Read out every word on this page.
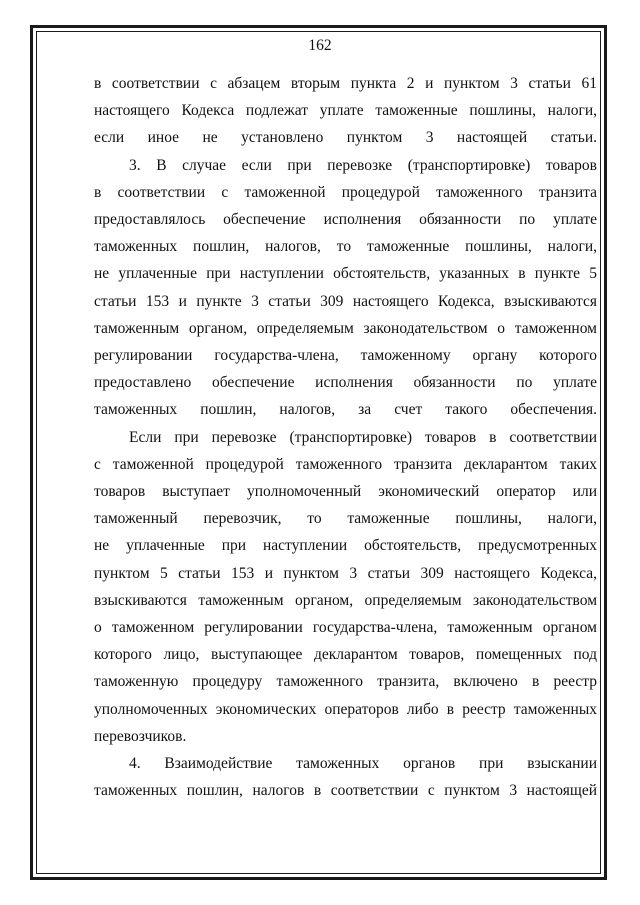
162
в соответствии с абзацем вторым пункта 2 и пунктом 3 статьи 61
настоящего Кодекса подлежат уплате таможенные пошлины, налоги,
если иное не установлено пунктом 3 настоящей статьи.
3. В случае если при перевозке (транспортировке) товаров
в соответствии с таможенной процедурой таможенного транзита
предоставлялось обеспечение исполнения обязанности по уплате
таможенных пошлин, налогов, то таможенные пошлины, налоги,
не уплаченные при наступлении обстоятельств, указанных в пункте 5
статьи 153 и пункте 3 статьи 309 настоящего Кодекса, взыскиваются
таможенным органом, определяемым законодательством о таможенном
регулировании государства-члена, таможенному органу которого
предоставлено обеспечение исполнения обязанности по уплате
таможенных пошлин, налогов, за счет такого обеспечения.
Если при перевозке (транспортировке) товаров в соответствии
с таможенной процедурой таможенного транзита декларантом таких
товаров выступает уполномоченный экономический оператор или
таможенный перевозчик, то таможенные пошлины, налоги,
не уплаченные при наступлении обстоятельств, предусмотренных
пунктом 5 статьи 153 и пунктом 3 статьи 309 настоящего Кодекса,
взыскиваются таможенным органом, определяемым законодательством
о таможенном регулировании государства-члена, таможенным органом
которого лицо, выступающее декларантом товаров, помещенных под
таможенную процедуру таможенного транзита, включено в реестр
уполномоченных экономических операторов либо в реестр таможенных
перевозчиков.
4. Взаимодействие таможенных органов при взыскании
таможенных пошлин, налогов в соответствии с пунктом 3 настоящей
